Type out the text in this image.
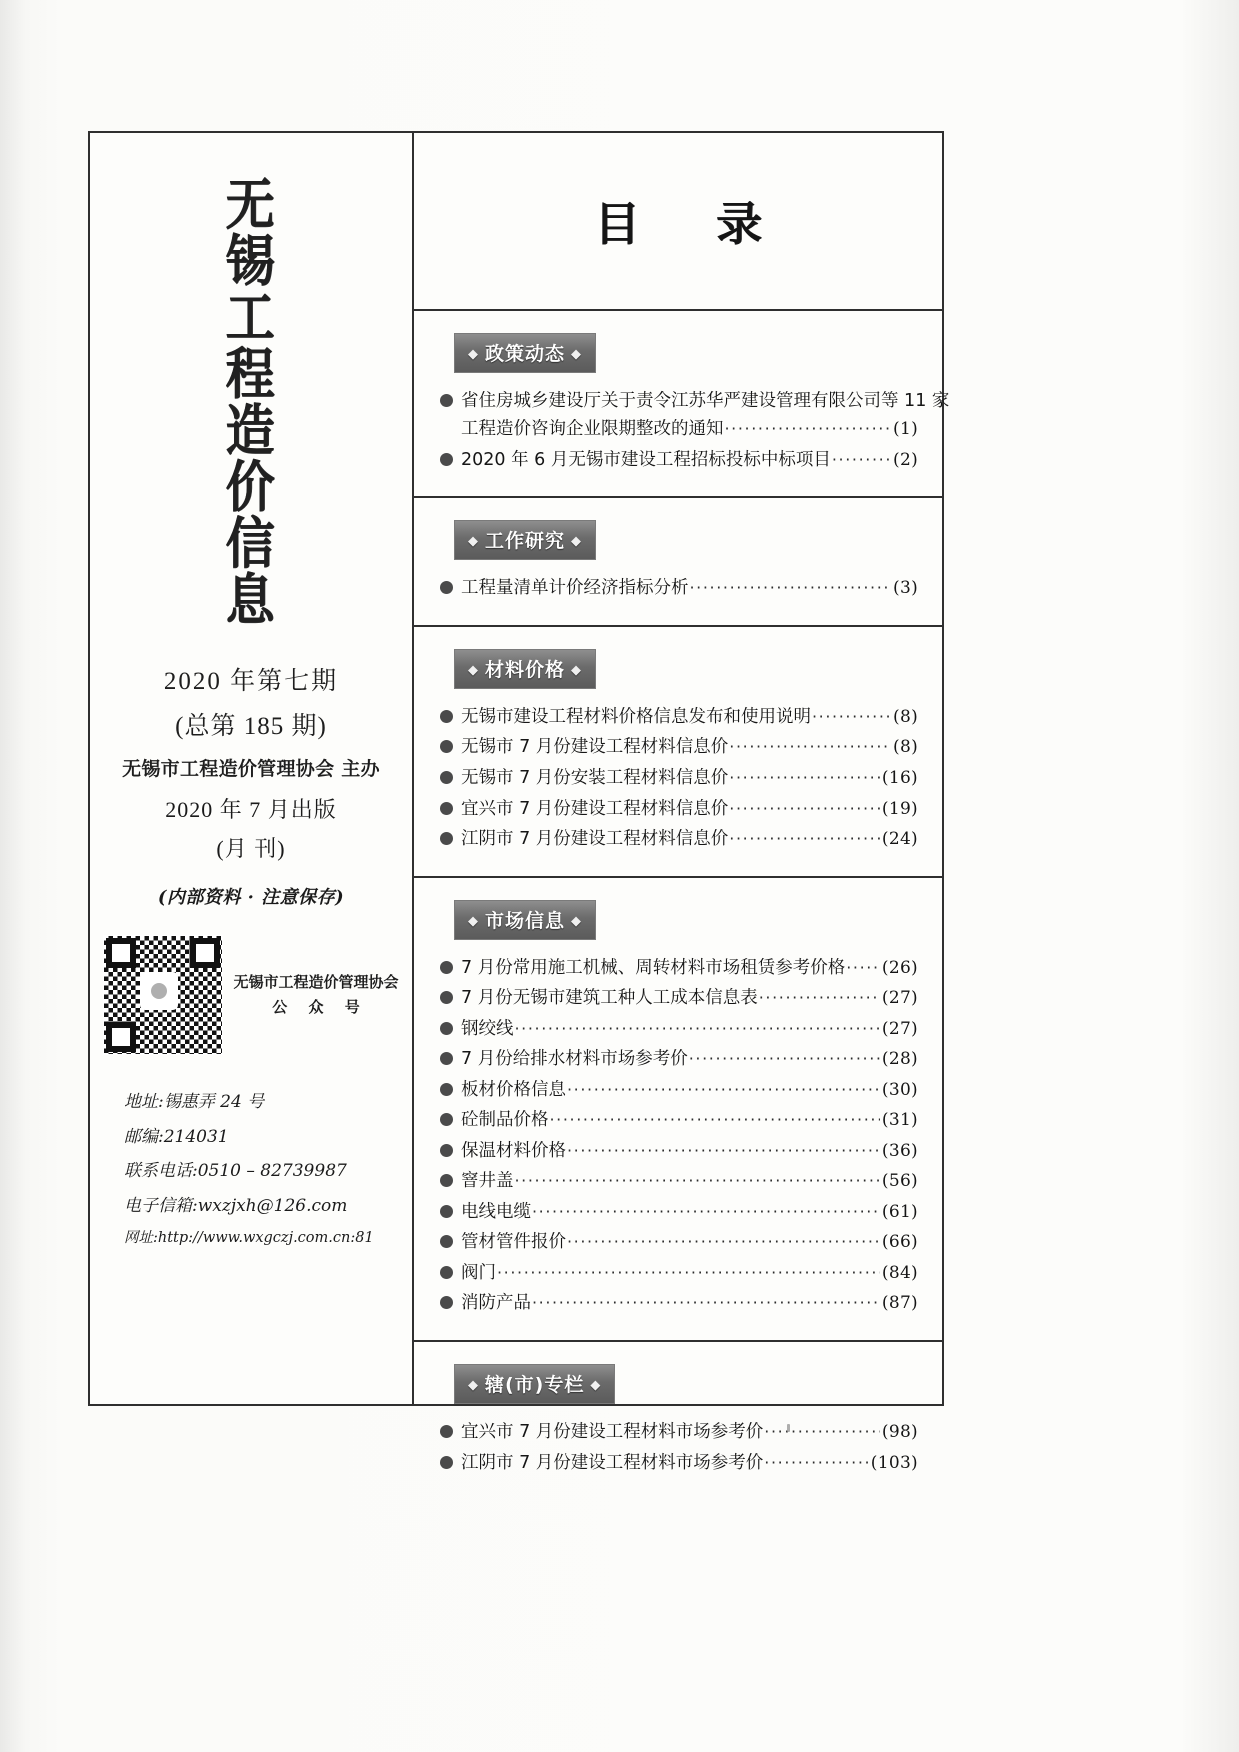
无
锡
工
程
造
价
信
息
2020 年第七期
(总第 185 期)
无锡市工程造价管理协会 主办
2020 年 7 月出版
(月 刊)
(内部资料 · 注意保存)
无锡市工程造价管理协会
公 众 号
地址:锡惠弄 24 号
邮编:214031
联系电话:0510 – 82739987
电子信箱:wxzjxh@126.com
网址:http://www.wxgczj.com.cn:81
目 录
◆ 政策动态 ◆
省住房城乡建设厅关于责令江苏华严建设管理有限公司等 11 家
工程造价咨询企业限期整改的通知 ·····	(1)
2020 年 6 月无锡市建设工程招标投标中标项目 ·····	(2)
◆ 工作研究 ◆
工程量清单计价经济指标分析 ·····	(3)
◆ 材料价格 ◆
无锡市建设工程材料价格信息发布和使用说明 ·····	(8)
无锡市 7 月份建设工程材料信息价 ·····	(8)
无锡市 7 月份安装工程材料信息价 ·····	(16)
宜兴市 7 月份建设工程材料信息价 ·····	(19)
江阴市 7 月份建设工程材料信息价 ·····	(24)
◆ 市场信息 ◆
7 月份常用施工机械、周转材料市场租赁参考价格 ····· (26)
7 月份无锡市建筑工种人工成本信息表 ·····	(27)
钢绞线 ·····	(27)
7 月份给排水材料市场参考价 ·····	(28)
板材价格信息 ·····	(30)
砼制品价格 ·····	(31)
保温材料价格 ·····	(36)
窨井盖 ·····	(56)
电线电缆 ·····	(61)
管材管件报价 ·····	(66)
阀门 ·····	(84)
消防产品 ·····	(87)
◆ 辖(市)专栏 ◆
宜兴市 7 月份建设工程材料市场参考价 ·····	(98)
江阴市 7 月份建设工程材料市场参考价 ·····	(103)
